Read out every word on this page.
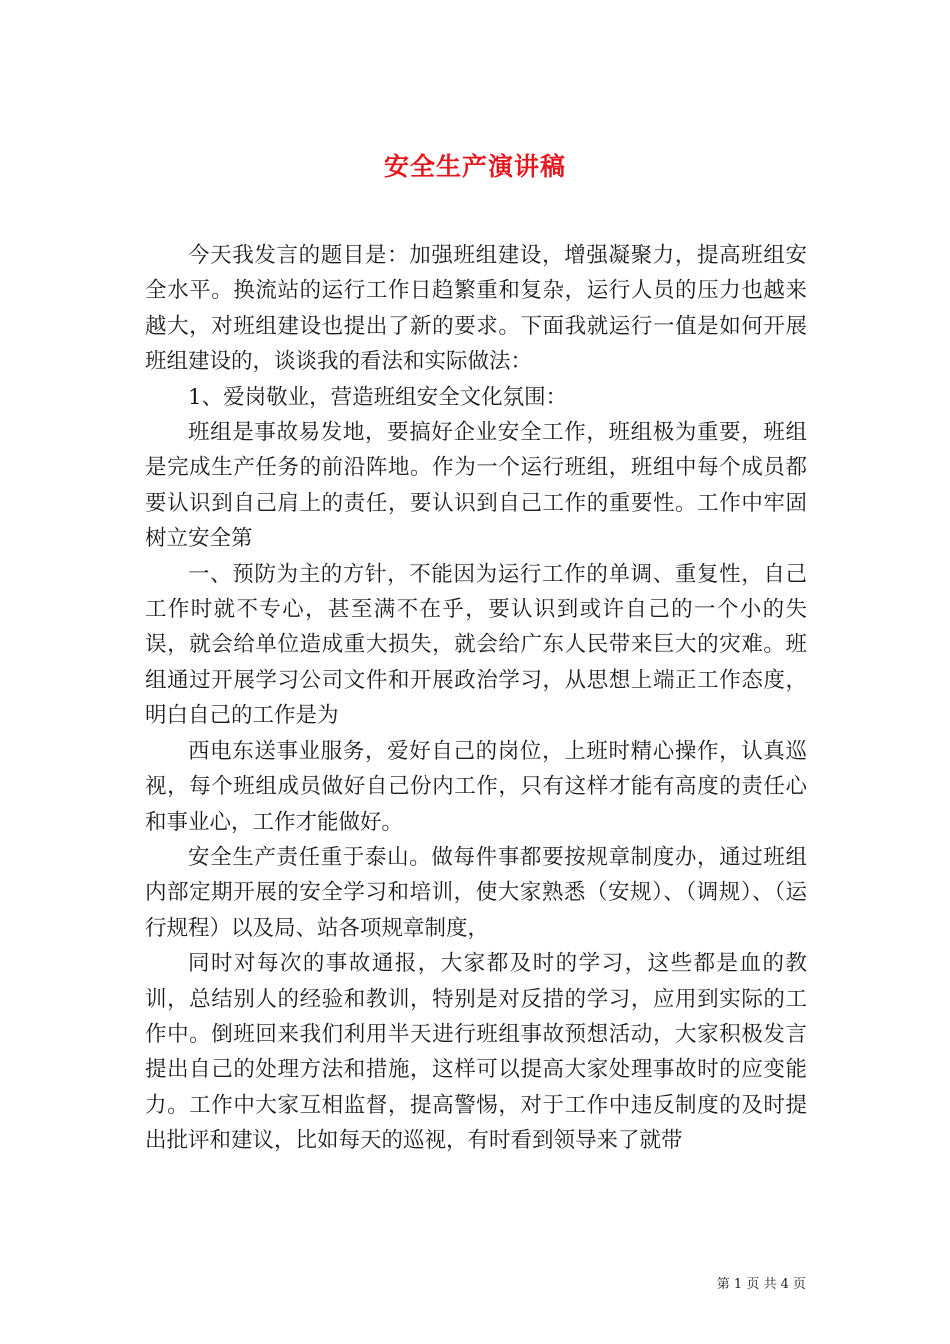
安全生产演讲稿

今天我发言的题目是：加强班组建设，增强凝聚力，提高班组安全水平。换流站的运行工作日趋繁重和复杂，运行人员的压力也越来越大，对班组建设也提出了新的要求。下面我就运行一值是如何开展班组建设的，谈谈我的看法和实际做法：

1、爱岗敬业，营造班组安全文化氛围：

班组是事故易发地，要搞好企业安全工作，班组极为重要，班组是完成生产任务的前沿阵地。作为一个运行班组，班组中每个成员都要认识到自己肩上的责任，要认识到自己工作的重要性。工作中牢固树立安全第

一、预防为主的方针，不能因为运行工作的单调、重复性，自己工作时就不专心，甚至满不在乎，要认识到或许自己的一个小的失误，就会给单位造成重大损失，就会给广东人民带来巨大的灾难。班组通过开展学习公司文件和开展政治学习，从思想上端正工作态度，明白自己的工作是为

西电东送事业服务，爱好自己的岗位，上班时精心操作，认真巡视，每个班组成员做好自己份内工作，只有这样才能有高度的责任心和事业心，工作才能做好。

安全生产责任重于泰山。做每件事都要按规章制度办，通过班组内部定期开展的安全学习和培训，使大家熟悉（安规）、（调规）、（运行规程）以及局、站各项规章制度，

同时对每次的事故通报，大家都及时的学习，这些都是血的教训，总结别人的经验和教训，特别是对反措的学习，应用到实际的工作中。倒班回来我们利用半天进行班组事故预想活动，大家积极发言提出自己的处理方法和措施，这样可以提高大家处理事故时的应变能力。工作中大家互相监督，提高警惕，对于工作中违反制度的及时提出批评和建议，比如每天的巡视，有时看到领导来了就带

第 1 页 共 4 页
